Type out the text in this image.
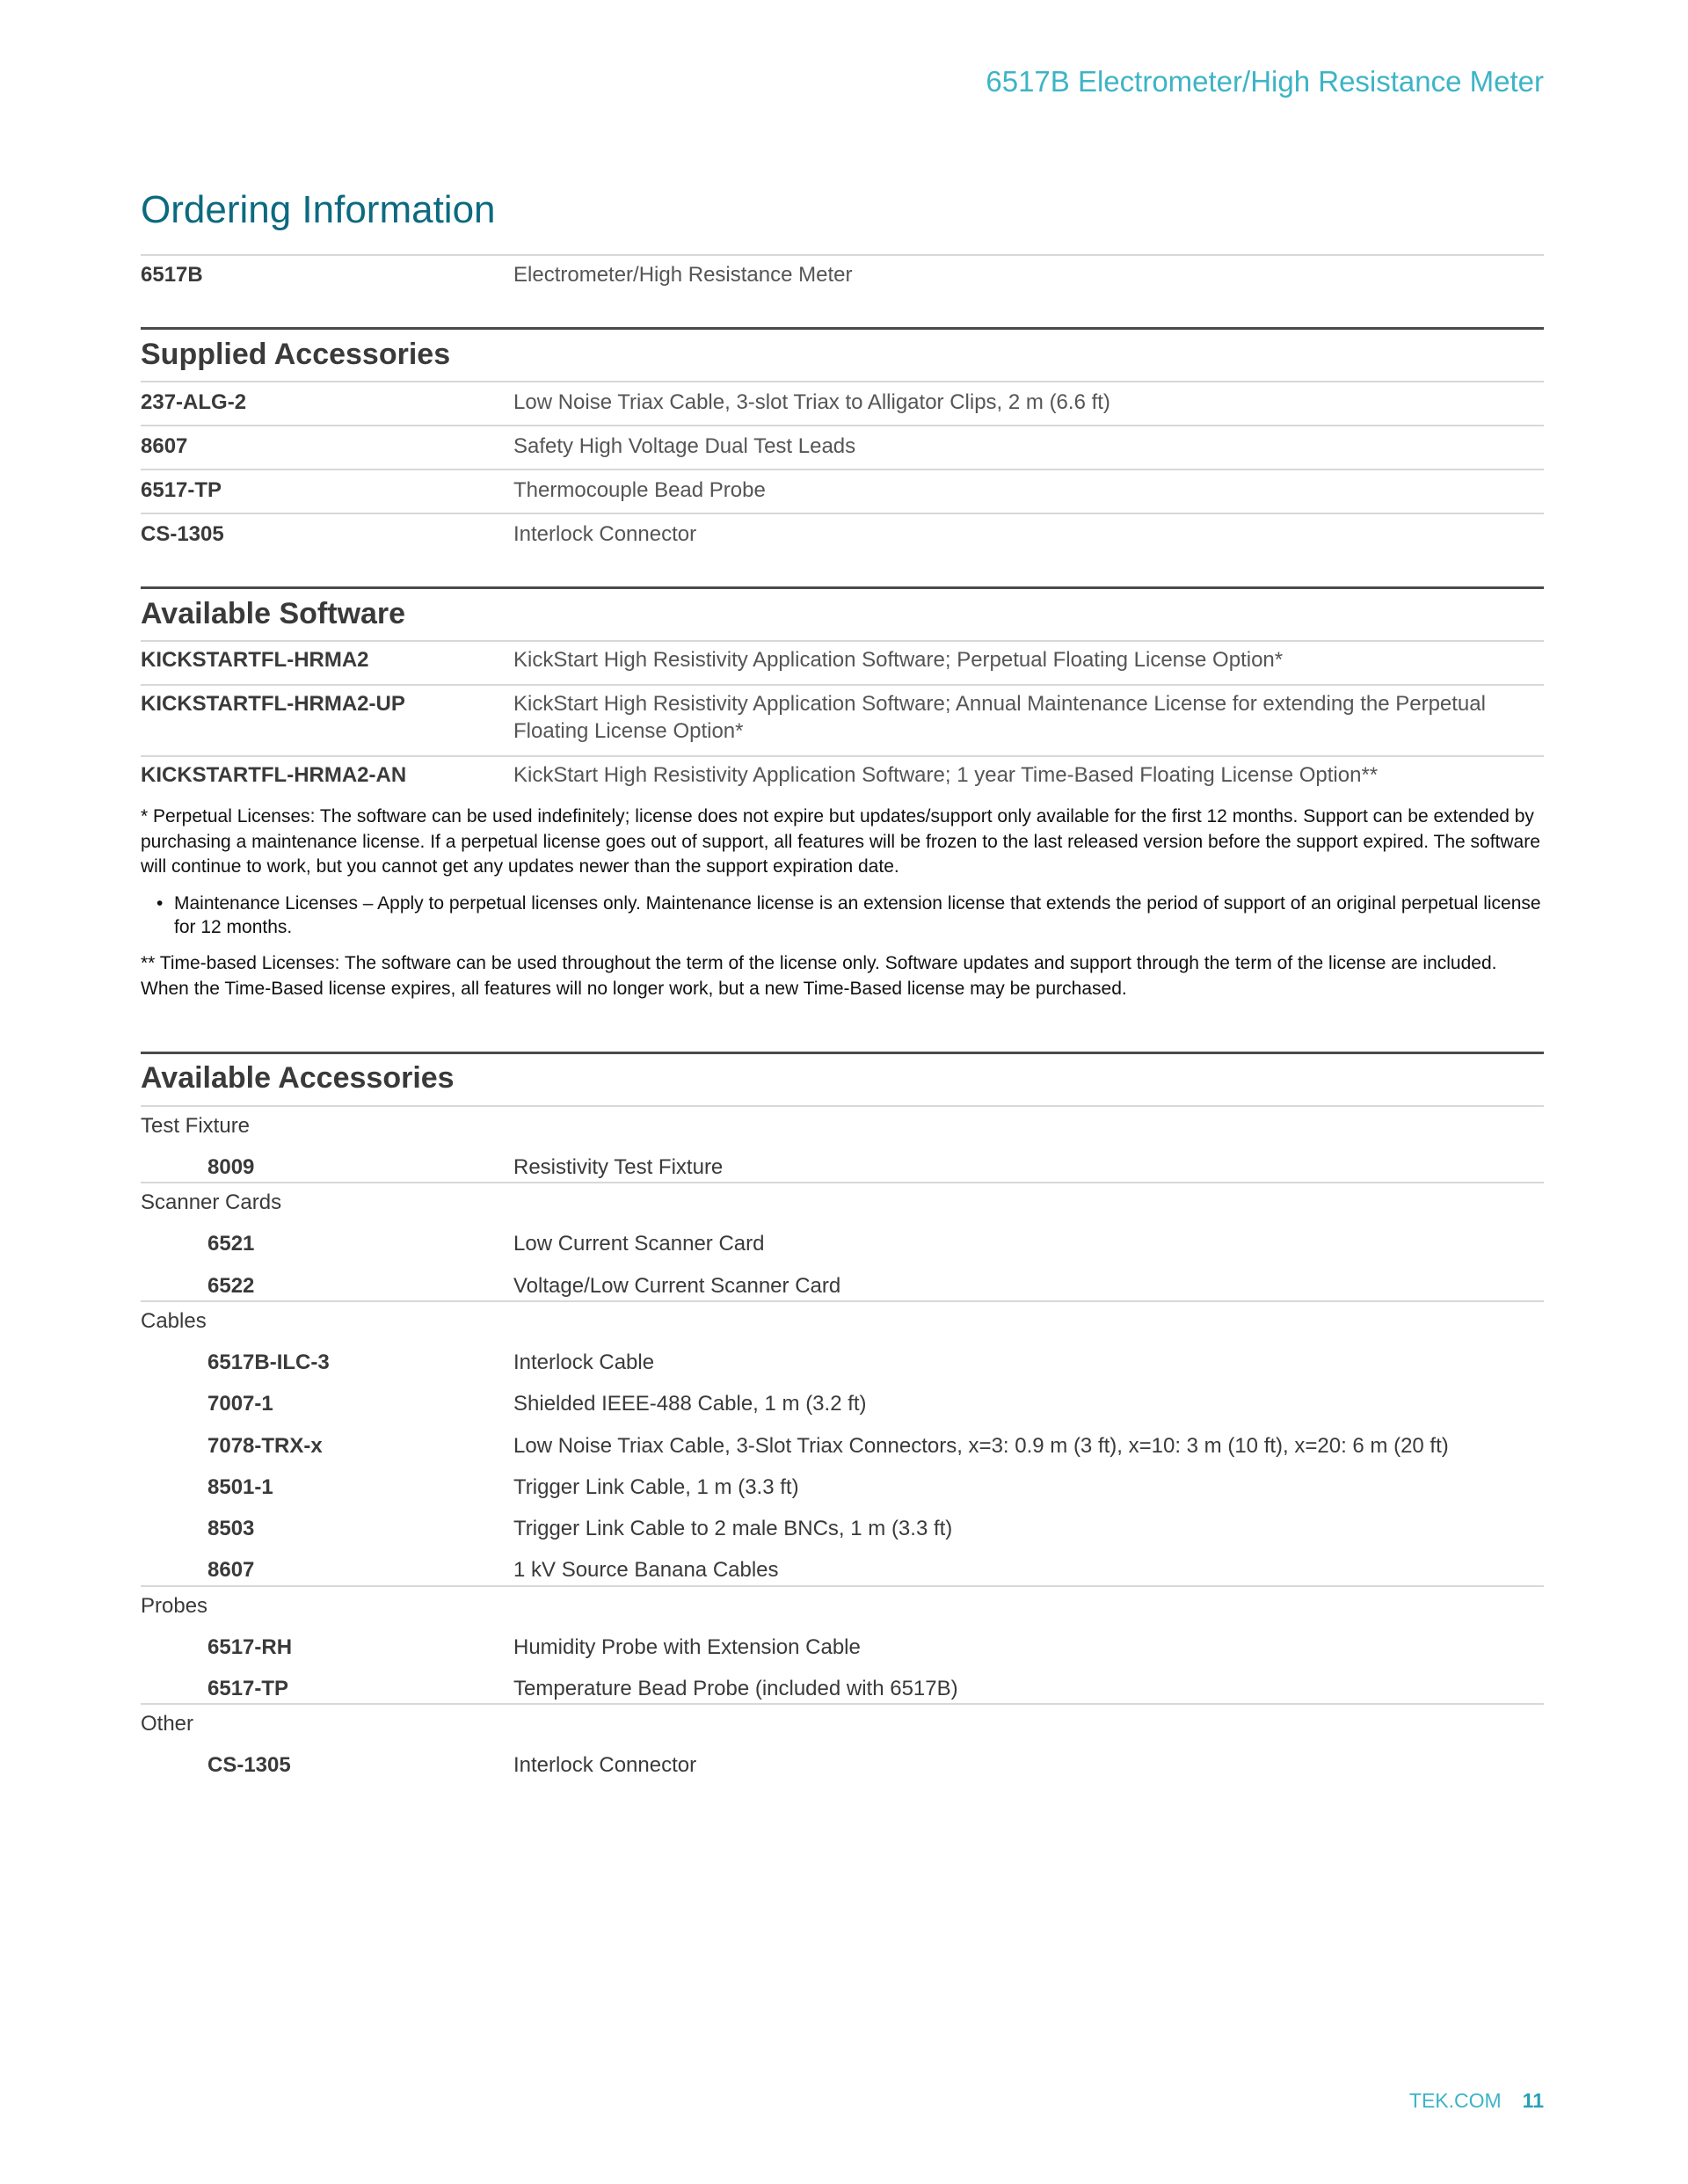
6517B Electrometer/High Resistance Meter
Ordering Information
6517B	Electrometer/High Resistance Meter
Supplied Accessories
237-ALG-2	Low Noise Triax Cable, 3-slot Triax to Alligator Clips, 2 m (6.6 ft)
8607	Safety High Voltage Dual Test Leads
6517-TP	Thermocouple Bead Probe
CS-1305	Interlock Connector
Available Software
KICKSTARTFL-HRMA2	KickStart High Resistivity Application Software; Perpetual Floating License Option*
KICKSTARTFL-HRMA2-UP	KickStart High Resistivity Application Software; Annual Maintenance License for extending the Perpetual Floating License Option*
KICKSTARTFL-HRMA2-AN	KickStart High Resistivity Application Software; 1 year Time-Based Floating License Option**
* Perpetual Licenses: The software can be used indefinitely; license does not expire but updates/support only available for the first 12 months. Support can be extended by purchasing a maintenance license. If a perpetual license goes out of support, all features will be frozen to the last released version before the support expired. The software will continue to work, but you cannot get any updates newer than the support expiration date.
• Maintenance Licenses – Apply to perpetual licenses only. Maintenance license is an extension license that extends the period of support of an original perpetual license for 12 months.
** Time-based Licenses: The software can be used throughout the term of the license only. Software updates and support through the term of the license are included. When the Time-Based license expires, all features will no longer work, but a new Time-Based license may be purchased.
Available Accessories
Test Fixture
8009	Resistivity Test Fixture
Scanner Cards
6521	Low Current Scanner Card
6522	Voltage/Low Current Scanner Card
Cables
6517B-ILC-3	Interlock Cable
7007-1	Shielded IEEE-488 Cable, 1 m (3.2 ft)
7078-TRX-x	Low Noise Triax Cable, 3-Slot Triax Connectors, x=3: 0.9 m (3 ft), x=10: 3 m (10 ft), x=20: 6 m (20 ft)
8501-1	Trigger Link Cable, 1 m (3.3 ft)
8503	Trigger Link Cable to 2 male BNCs, 1 m (3.3 ft)
8607	1 kV Source Banana Cables
Probes
6517-RH	Humidity Probe with Extension Cable
6517-TP	Temperature Bead Probe (included with 6517B)
Other
CS-1305	Interlock Connector
TEK.COM 11
